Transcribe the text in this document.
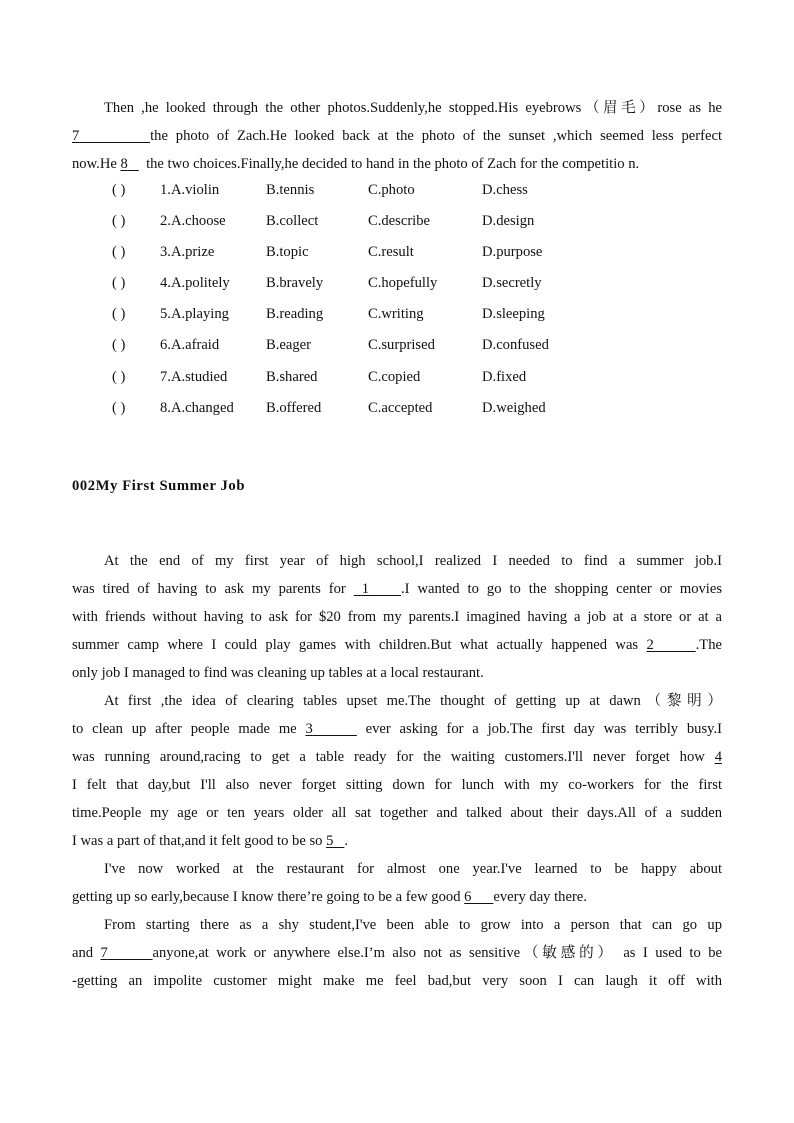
Then ,he looked through the other photos.Suddenly,he stopped.His eyebrows（眉毛）rose as he
7	the photo of Zach.He looked back at the photo of the sunset ,which seemed less perfect
now.He 8 the two choices.Finally,he decided to hand in the photo of Zach for the competitio n.
( ) 1.A.violin	B.tennis	C.photo	D.chess
( ) 2.A.choose	B.collect	C.describe	D.design
( ) 3.A.prize	B.topic	C.result	D.purpose
( ) 4.A.politely B.bravely	C.hopefully	D.secretly
( ) 5.A.playing	B.reading	C.writing	D.sleeping
( ) 6.A.afraid	B.eager	C.surprised	D.confused
( ) 7.A.studied	B.shared	C.copied	D.fixed
( ) 8.A.changed B.offered	C.accepted	D.weighed
002My First Summer Job
At the end of my first year of high school,I realized I needed to find a summer job.I
was tired of having to ask my parents for  1 .I wanted to go to the shopping center or movies
with friends without having to ask for $20 from my parents.I imagined having a job at a store or at a
summer camp where I could play games with children.But what actually happened was 2	.The
only job I managed to find was cleaning up tables at a local restaurant.
At first ,the idea of clearing tables upset me.The thought of getting up at dawn（黎明）
to clean up after people made me 3	ever asking for a job.The first day was terribly busy.I
was running around,racing to get a table ready for the waiting customers.I'll never forget how 4
I felt that day,but I'll also never forget sitting down for lunch with my co-workers for the first
time.People my age or ten years older all sat together and talked about their days.All of a sudden
I was a part of that,and it felt good to be so 5 .
I've now worked at the restaurant for almost one year.I've learned to be happy about
getting up so early,because I know there’re going to be a few good 6 every day there.
From starting there as a shy student,I've been able to grow into a person that can go up
and 7	anyone,at work or anywhere else.I’m also not as sensitive（敏感的） as I used to be
-getting an impolite customer might make me feel bad,but very soon I can laugh it off with
